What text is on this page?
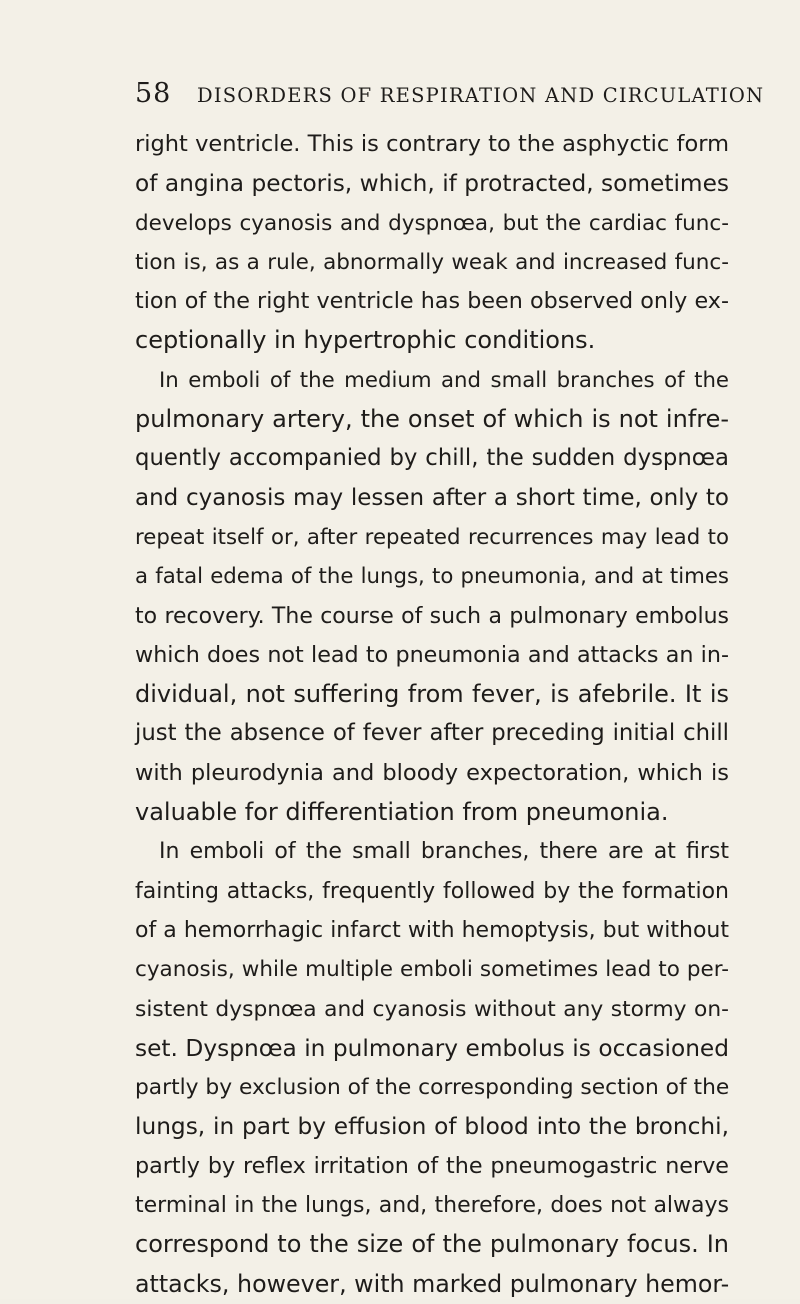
58 DISORDERS OF RESPIRATION AND CIRCULATION
right ventricle. This is contrary to the asphyctic form
of angina pectoris, which, if protracted, sometimes
develops cyanosis and dyspnœa, but the cardiac func-
tion is, as a rule, abnormally weak and increased func-
tion of the right ventricle has been observed only ex-
ceptionally in hypertrophic conditions.
In emboli of the medium and small branches of the
pulmonary artery, the onset of which is not infre-
quently accompanied by chill, the sudden dyspnœa
and cyanosis may lessen after a short time, only to
repeat itself or, after repeated recurrences may lead to
a fatal edema of the lungs, to pneumonia, and at times
to recovery. The course of such a pulmonary embolus
which does not lead to pneumonia and attacks an in-
dividual, not suffering from fever, is afebrile. It is
just the absence of fever after preceding initial chill
with pleurodynia and bloody expectoration, which is
valuable for differentiation from pneumonia.
In emboli of the small branches, there are at first
fainting attacks, frequently followed by the formation
of a hemorrhagic infarct with hemoptysis, but without
cyanosis, while multiple emboli sometimes lead to per-
sistent dyspnœa and cyanosis without any stormy on-
set. Dyspnœa in pulmonary embolus is occasioned
partly by exclusion of the corresponding section of the
lungs, in part by effusion of blood into the bronchi,
partly by reflex irritation of the pneumogastric nerve
terminal in the lungs, and, therefore, does not always
correspond to the size of the pulmonary focus. In
attacks, however, with marked pulmonary hemor-
